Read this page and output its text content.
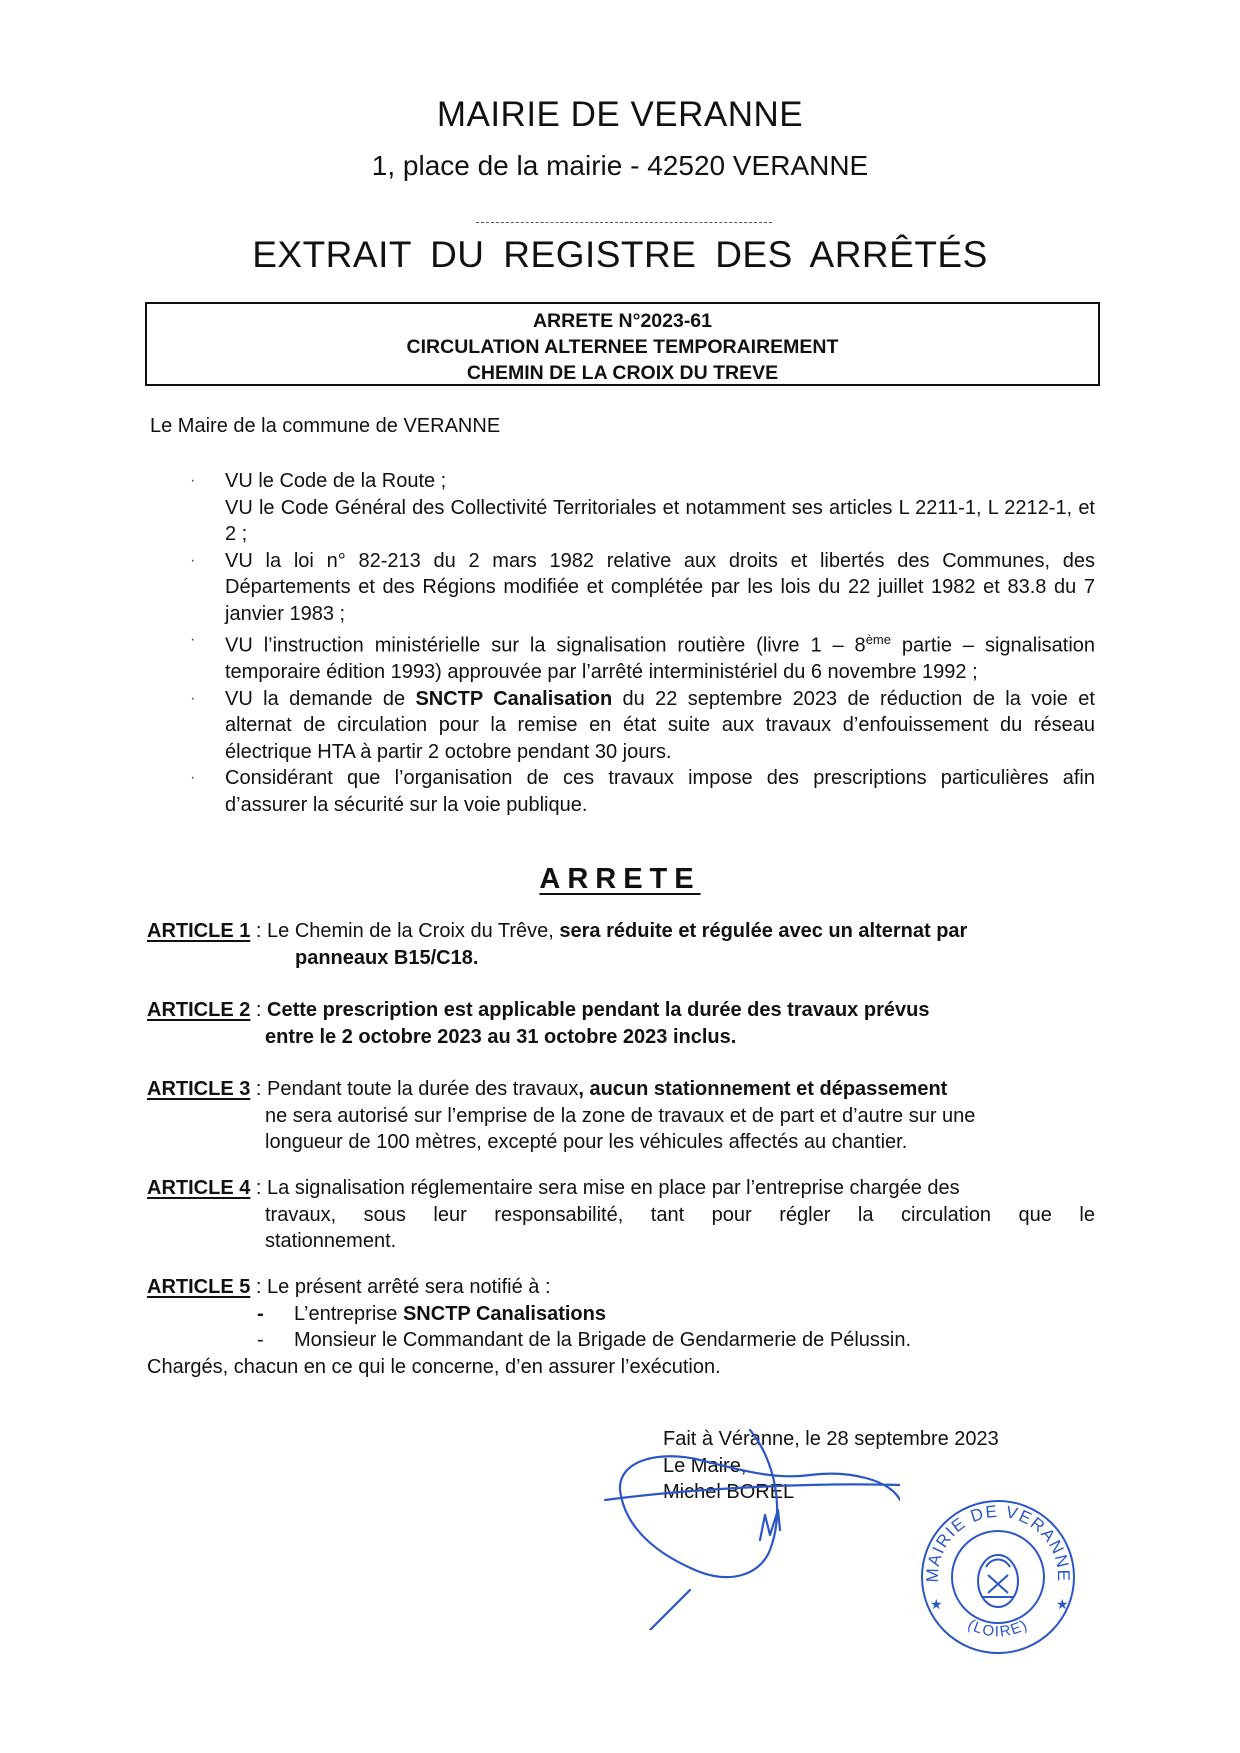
MAIRIE DE VERANNE
1, place de la mairie - 42520 VERANNE
EXTRAIT DU REGISTRE DES ARRÊTÉS
ARRETE N°2023-61
CIRCULATION ALTERNEE TEMPORAIREMENT
CHEMIN DE LA CROIX DU TREVE
Le Maire de la commune de VERANNE
· VU le Code de la Route ;
VU le Code Général des Collectivité Territoriales et notamment ses articles L 2211-1, L 2212-1, et 2 ;
· VU la loi n° 82-213 du 2 mars 1982 relative aux droits et libertés des Communes, des Départements et des Régions modifiée et complétée par les lois du 22 juillet 1982 et 83.8 du 7 janvier 1983 ;
· VU l’instruction ministérielle sur la signalisation routière (livre 1 – 8ème partie – signalisation temporaire édition 1993) approuvée par l’arrêté interministériel du 6 novembre 1992 ;
· VU la demande de SNCTP Canalisation du 22 septembre 2023 de réduction de la voie et alternat de circulation pour la remise en état suite aux travaux d’enfouissement du réseau électrique HTA à partir 2 octobre pendant 30 jours.
· Considérant que l’organisation de ces travaux impose des prescriptions particulières afin d’assurer la sécurité sur la voie publique.
ARRETE
ARTICLE 1 : Le Chemin de la Croix du Trêve, sera réduite et régulée avec un alternat par
panneaux B15/C18.
ARTICLE 2 : Cette prescription est applicable pendant la durée des travaux prévus
entre le 2 octobre 2023 au 31 octobre 2023 inclus.
ARTICLE 3 : Pendant toute la durée des travaux, aucun stationnement et dépassement
ne sera autorisé sur l’emprise de la zone de travaux et de part et d’autre sur une
longueur de 100 mètres, excepté pour les véhicules affectés au chantier.
ARTICLE 4 : La signalisation réglementaire sera mise en place par l’entreprise chargée des
travaux, sous leur responsabilité, tant pour régler la circulation que le
stationnement.
ARTICLE 5 : Le présent arrêté sera notifié à :
- L’entreprise SNCTP Canalisations
- Monsieur le Commandant de la Brigade de Gendarmerie de Pélussin.
Chargés, chacun en ce qui le concerne, d’en assurer l’exécution.
Fait à Véranne, le 28 septembre 2023
Le Maire,
Michel BOREL
MAIRIE DE VERANNE
(LOIRE)
★	★
